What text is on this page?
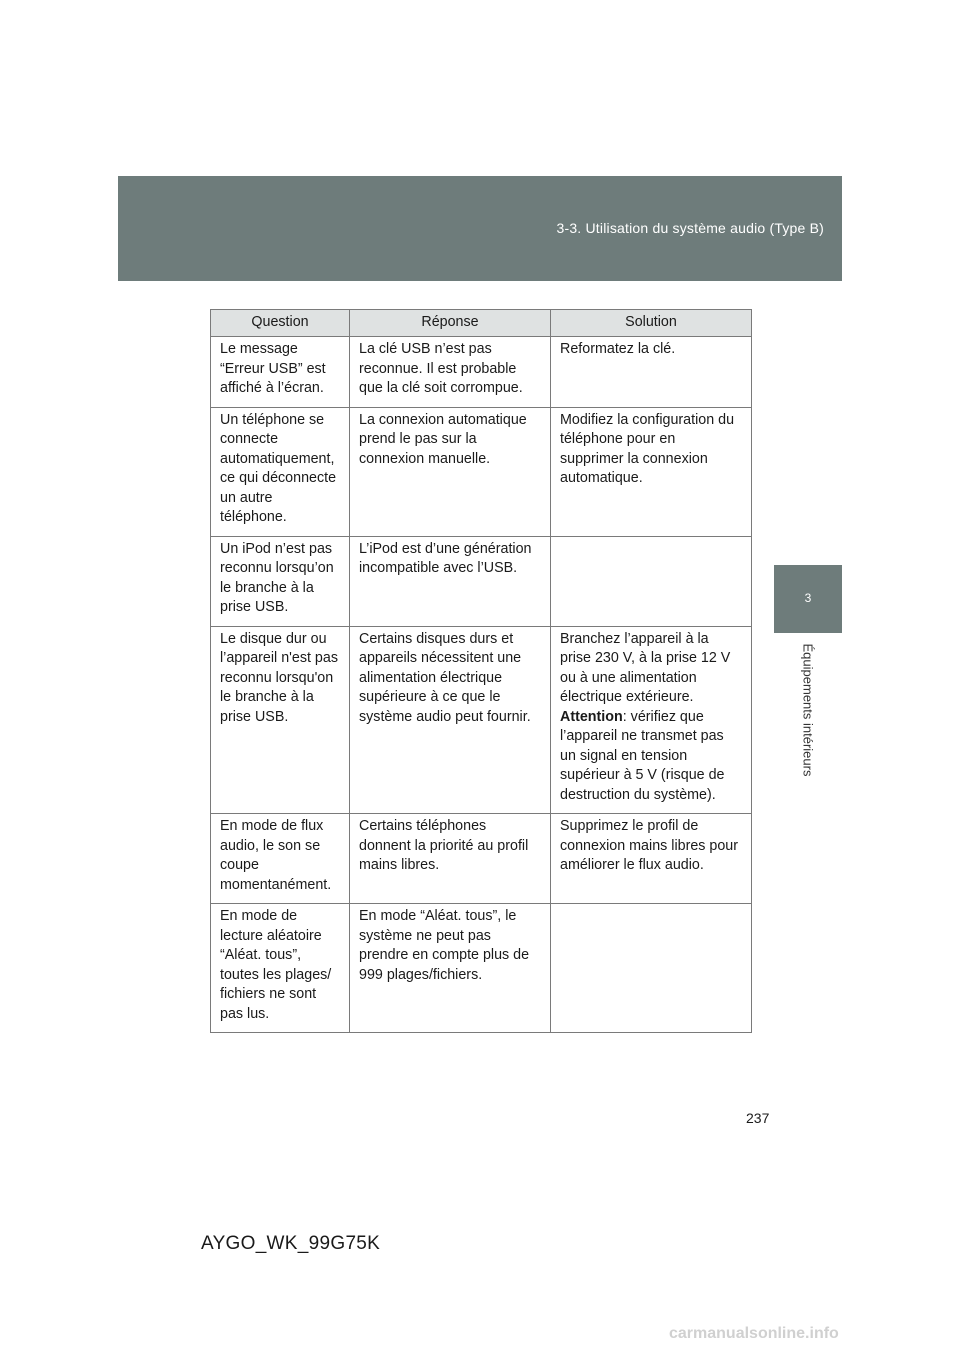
3-3. Utilisation du système audio (Type B)
3
Équipements intérieurs
Question	Réponse	Solution
Le message “Erreur USB” est affiché à l’écran.	La clé USB n’est pas reconnue. Il est probable que la clé soit corrompue.	Reformatez la clé.
Un téléphone se connecte automatiquement, ce qui déconnecte un autre téléphone.	La connexion automatique prend le pas sur la connexion manuelle.	Modifiez la configuration du téléphone pour en supprimer la connexion automatique.
Un iPod n’est pas reconnu lorsqu’on le branche à la prise USB.	L’iPod est d’une génération incompatible avec l’USB.	
Le disque dur ou l’appareil n'est pas reconnu lorsqu'on le branche à la prise USB.	Certains disques durs et appareils nécessitent une alimentation électrique supérieure à ce que le système audio peut fournir.	Branchez l’appareil à la prise 230 V, à la prise 12 V ou à une alimentation électrique extérieure. Attention: vérifiez que l’appareil ne transmet pas un signal en tension supérieur à 5 V (risque de destruction du système).
En mode de flux audio, le son se coupe momentanément.	Certains téléphones donnent la priorité au profil mains libres.	Supprimez le profil de connexion mains libres pour améliorer le flux audio.
En mode de lecture aléatoire “Aléat. tous”, toutes les plages/ fichiers ne sont pas lus.	En mode “Aléat. tous”, le système ne peut pas prendre en compte plus de 999 plages/fichiers.	
237
AYGO_WK_99G75K
carmanualsonline.info
